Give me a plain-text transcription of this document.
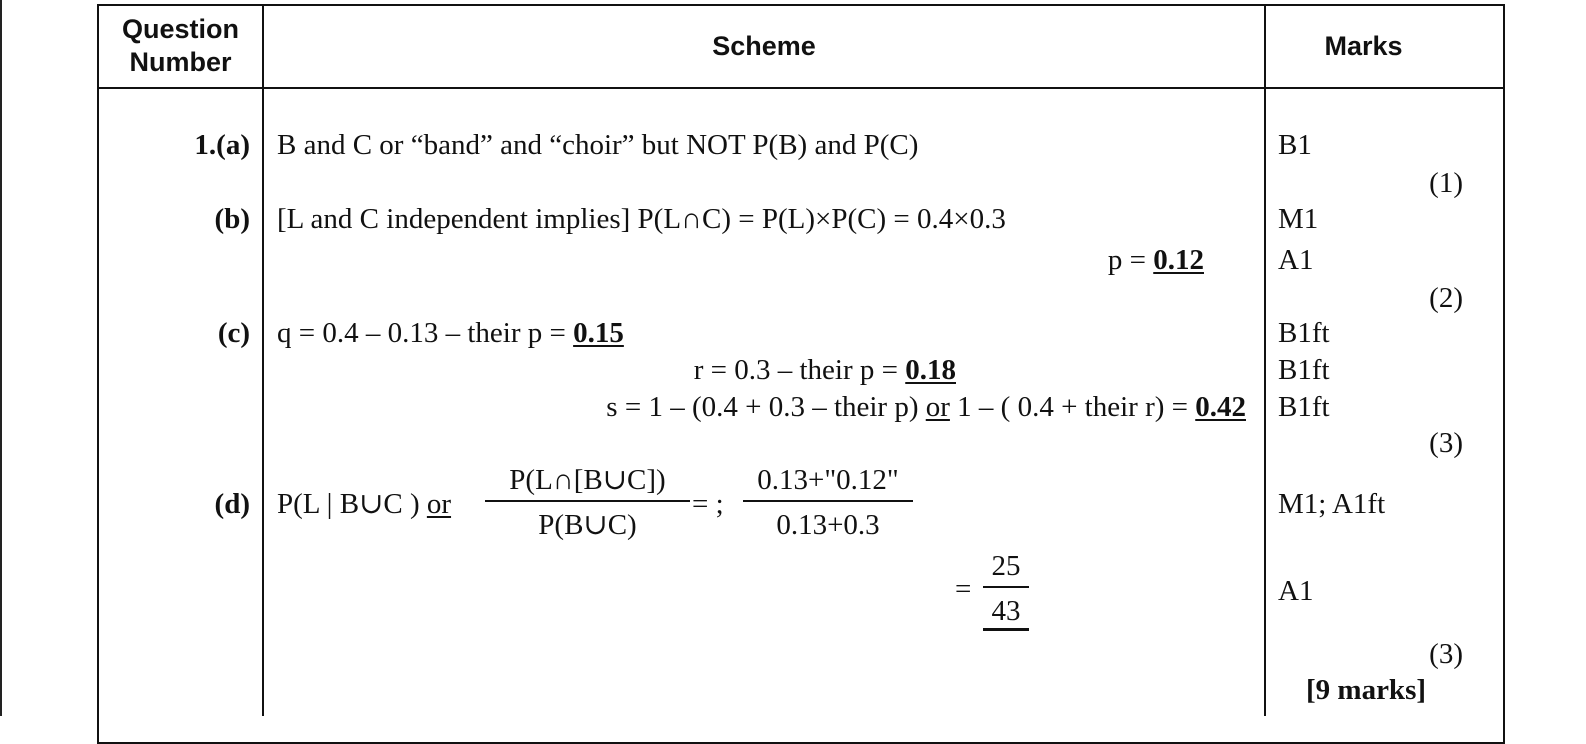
Question
Number
Scheme	Marks
1.(a) B and C or “band” and “choir” but NOT P(B) and P(C)	B1
(1)
(b) [L and C independent implies] P(L∩C) = P(L)×P(C) = 0.4×0.3
p = 0.12
M1
A1
(2)
(c) q = 0.4 – 0.13 – their p = 0.15
r = 0.3 – their p = 0.18
s = 1 – (0.4 + 0.3 – their p) or 1 – ( 0.4 + their r) = 0.42
B1ft
B1ft
B1ft
(3)
(d) P(L | B∪C ) or $\frac{P(L\cap[B\cup C])}{P(B\cup C)}$ = ; $\frac{0.13+"0.12"}{0.13+0.3}$
= $\frac{25}{43}$
M1; A1ft
A1
(3)
[9 marks]
